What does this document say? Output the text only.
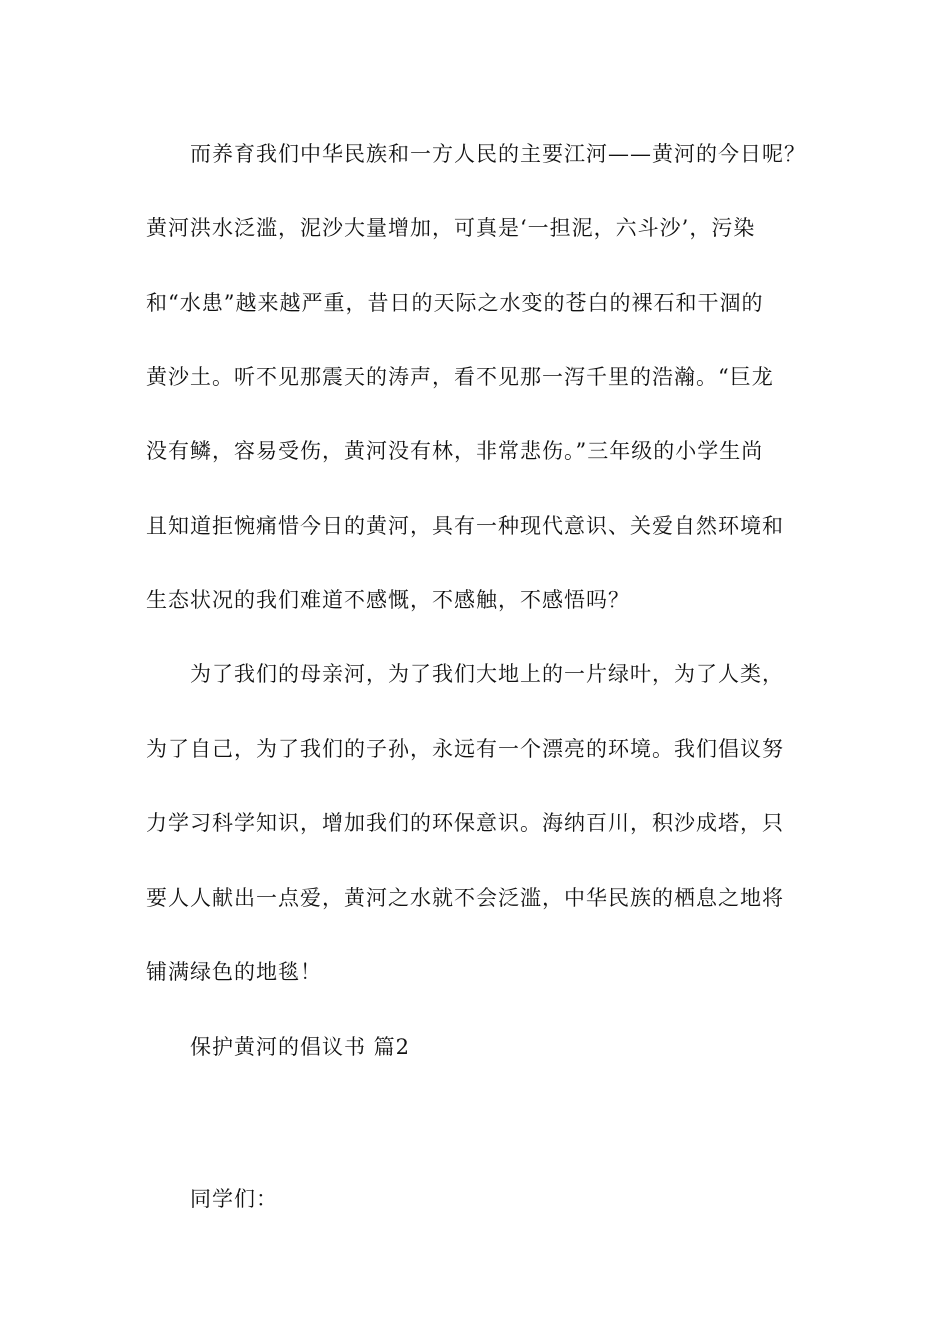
而养育我们中华民族和一方人民的主要江河——黄河的今日呢？
黄河洪水泛滥，泥沙大量增加，可真是‘一担泥，六斗沙’，污染
和“水患”越来越严重，昔日的天际之水变的苍白的裸石和干涸的
黄沙土。听不见那震天的涛声，看不见那一泻千里的浩瀚。“巨龙
没有鳞，容易受伤，黄河没有林，非常悲伤。”三年级的小学生尚
且知道拒惋痛惜今日的黄河，具有一种现代意识、关爱自然环境和
生态状况的我们难道不感慨，不感触，不感悟吗？
为了我们的母亲河，为了我们大地上的一片绿叶，为了人类，
为了自己，为了我们的子孙，永远有一个漂亮的环境。我们倡议努
力学习科学知识，增加我们的环保意识。海纳百川，积沙成塔，只
要人人献出一点爱，黄河之水就不会泛滥，中华民族的栖息之地将
铺满绿色的地毯！
保护黄河的倡议书 篇2
同学们：
